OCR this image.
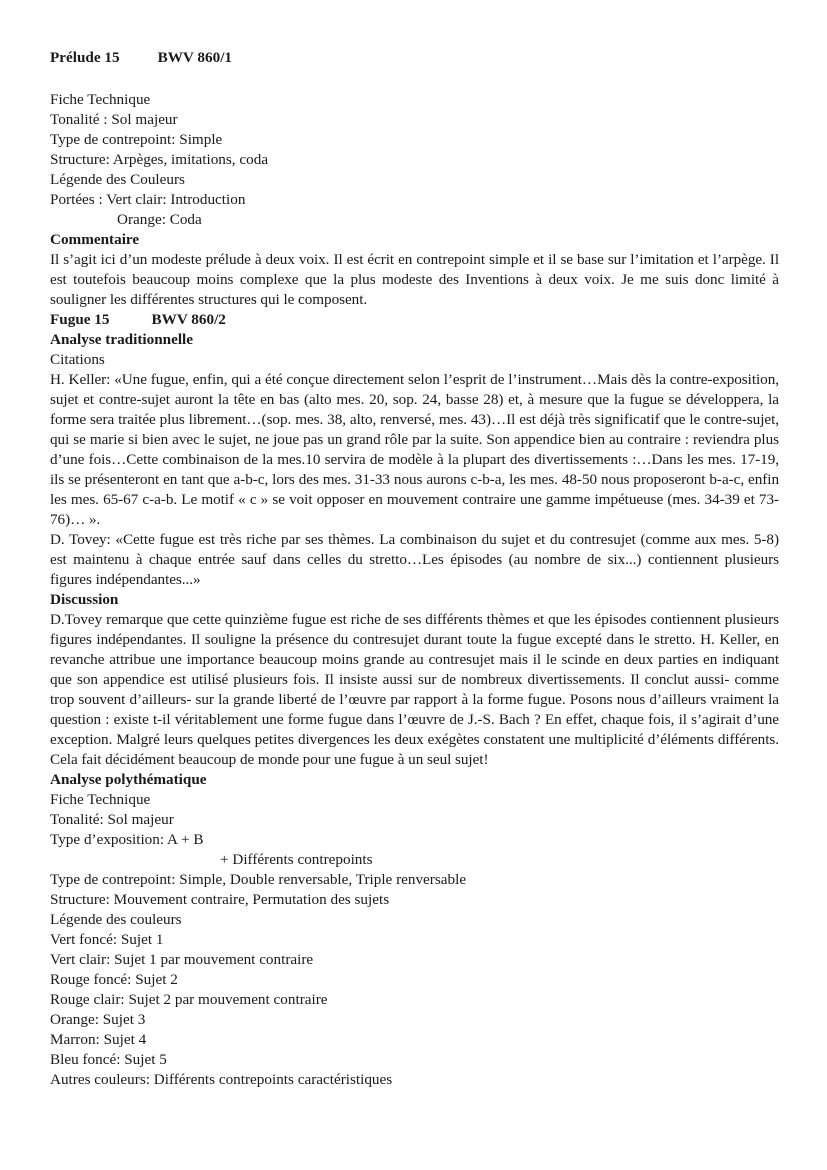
Prélude 15	BWV 860/1
Fiche Technique
Tonalité : Sol majeur
Type de contrepoint: Simple
Structure: Arpèges, imitations, coda
Légende des Couleurs
Portées : Vert clair: Introduction
Orange: Coda
Commentaire

Il s’agit ici d’un modeste prélude à deux voix. Il est écrit en contrepoint simple et il se base sur l’imitation et l’arpège. Il est toutefois beaucoup moins complexe que la plus modeste des Inventions à deux voix. Je me suis donc limité à souligner les différentes structures qui le composent.

Fugue 15	BWV 860/2
Analyse traditionnelle
Citations

H. Keller: «Une fugue, enfin, qui a été conçue directement selon l’esprit de l’instrument…Mais dès la contre-exposition, sujet et contre-sujet auront la tête en bas (alto mes. 20, sop. 24, basse 28) et, à mesure que la fugue se développera, la forme sera traitée plus librement…(sop. mes. 38, alto, renversé, mes. 43)…Il est déjà très significatif que le contre-sujet, qui se marie si bien avec le sujet, ne joue pas un grand rôle par la suite. Son appendice bien au contraire : reviendra plus d’une fois…Cette combinaison de la mes.10 servira de modèle à la plupart des divertissements :…Dans les mes. 17-19, ils se présenteront en tant que a-b-c, lors des mes. 31-33 nous aurons c-b-a, les mes. 48-50 nous proposeront b-a-c, enfin les mes. 65-67 c-a-b. Le motif « c » se voit opposer en mouvement contraire une gamme impétueuse (mes. 34-39 et 73-76)… ».

D. Tovey: «Cette fugue est très riche par ses thèmes. La combinaison du sujet et du contresujet (comme aux mes. 5-8) est maintenu à chaque entrée sauf dans celles du stretto…Les épisodes (au nombre de six...) contiennent plusieurs figures indépendantes...»

Discussion

D.Tovey remarque que cette quinzième fugue est riche de ses différents thèmes et que les épisodes contiennent plusieurs figures indépendantes. Il souligne la présence du contresujet durant toute la fugue excepté dans le stretto. H. Keller, en revanche attribue une importance beaucoup moins grande au contresujet mais il le scinde en deux parties en indiquant que son appendice est utilisé plusieurs fois. Il insiste aussi sur de nombreux divertissements. Il conclut aussi- comme trop souvent d’ailleurs- sur la grande liberté de l’œuvre par rapport à la forme fugue. Posons nous d’ailleurs vraiment la question : existe t-il véritablement une forme fugue dans l’œuvre de J.-S. Bach ? En effet, chaque fois, il s’agirait d’une exception. Malgré leurs quelques petites divergences les deux exégètes constatent une multiplicité d’éléments différents. Cela fait décidément beaucoup de monde pour une fugue à un seul sujet!

Analyse polythématique
Fiche Technique
Tonalité: Sol majeur
Type d’exposition: A + B
+ Différents contrepoints
Type de contrepoint: Simple, Double renversable, Triple renversable
Structure: Mouvement contraire, Permutation des sujets
Légende des couleurs
Vert foncé: Sujet 1
Vert clair: Sujet 1 par mouvement contraire
Rouge foncé: Sujet 2
Rouge clair: Sujet 2 par mouvement contraire
Orange: Sujet 3
Marron: Sujet 4
Bleu foncé: Sujet 5
Autres couleurs: Différents contrepoints caractéristiques
